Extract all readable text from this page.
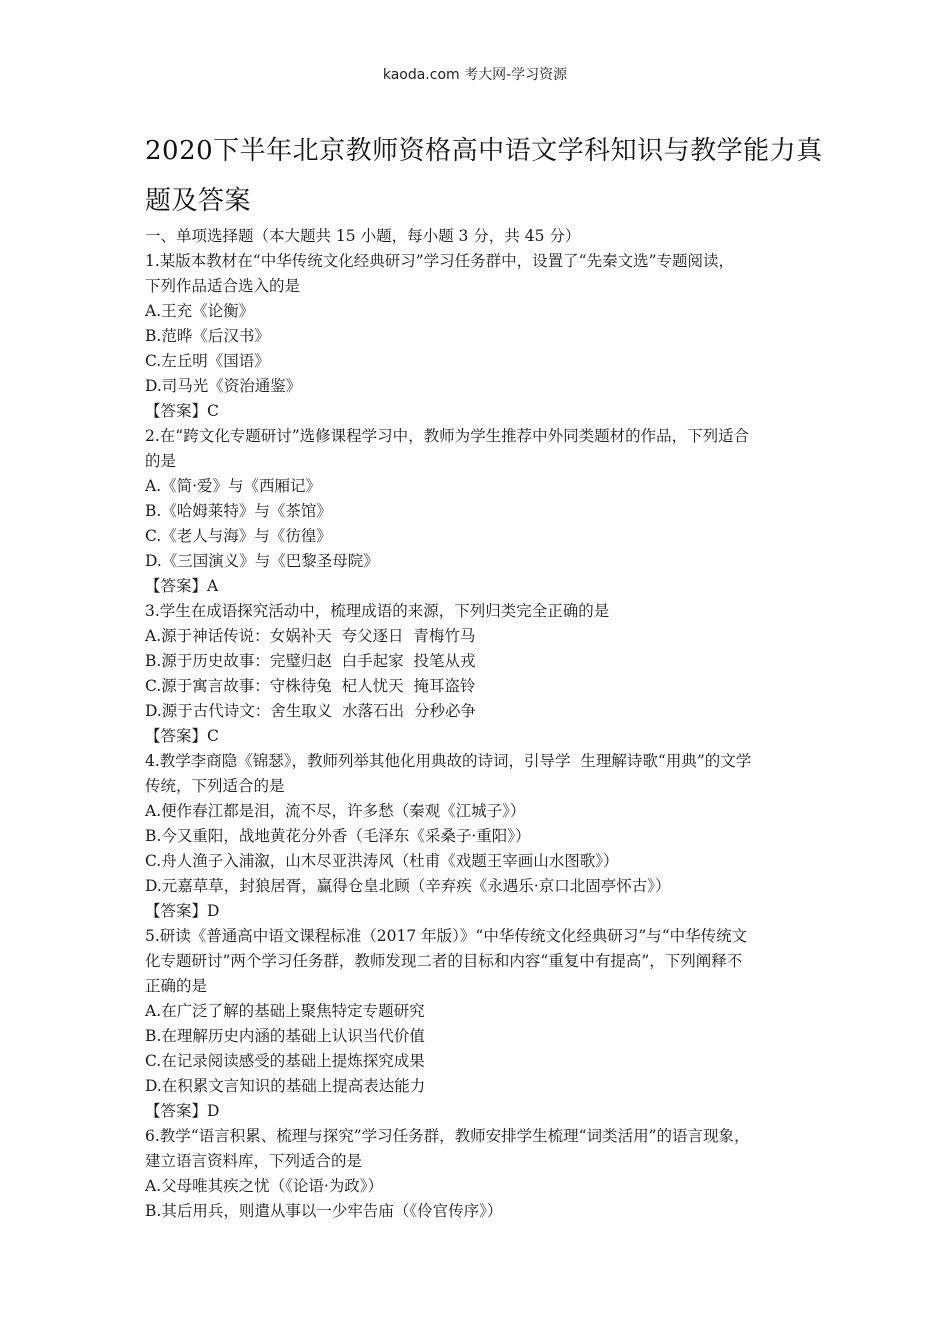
kaoda.com 考大网-学习资源
2020下半年北京教师资格高中语文学科知识与教学能力真
题及答案
一、单项选择题（本大题共 15 小题，每小题 3 分，共 45 分）
1.某版本教材在“中华传统文化经典研习”学习任务群中，设置了“先秦文选”专题阅读，
下列作品适合选入的是
A.王充《论衡》
B.范晔《后汉书》
C.左丘明《国语》
D.司马光《资治通鉴》
【答案】C
2.在“跨文化专题研讨”选修课程学习中，教师为学生推荐中外同类题材的作品，下列适合
的是
A.《简·爱》与《西厢记》
B.《哈姆莱特》与《茶馆》
C.《老人与海》与《彷徨》
D.《三国演义》与《巴黎圣母院》
【答案】A
3.学生在成语探究活动中，梳理成语的来源，下列归类完全正确的是
A.源于神话传说：女娲补天  夸父逐日  青梅竹马
B.源于历史故事：完璧归赵  白手起家  投笔从戎
C.源于寓言故事：守株待兔  杞人忧天  掩耳盗铃
D.源于古代诗文：舍生取义  水落石出  分秒必争
【答案】C
4.教学李商隐《锦瑟》，教师列举其他化用典故的诗词，引导学  生理解诗歌“用典”的文学
传统，下列适合的是
A.便作春江都是泪，流不尽，许多愁（秦观《江城子》）
B.今又重阳，战地黄花分外香（毛泽东《采桑子·重阳》）
C.舟人渔子入浦溆，山木尽亚洪涛风（杜甫《戏题王宰画山水图歌》）
D.元嘉草草，封狼居胥，赢得仓皇北顾（辛弃疾《永遇乐·京口北固亭怀古》）
【答案】D
5.研读《普通高中语文课程标准（2017 年版）》“中华传统文化经典研习”与“中华传统文
化专题研讨”两个学习任务群，教师发现二者的目标和内容“重复中有提高”，下列阐释不
正确的是
A.在广泛了解的基础上聚焦特定专题研究
B.在理解历史内涵的基础上认识当代价值
C.在记录阅读感受的基础上提炼探究成果
D.在积累文言知识的基础上提高表达能力
【答案】D
6.教学“语言积累、梳理与探究”学习任务群，教师安排学生梳理“词类活用”的语言现象，
建立语言资料库，下列适合的是
A.父母唯其疾之忧（《论语·为政》）
B.其后用兵，则遣从事以一少牢告庙（《伶官传序》）
